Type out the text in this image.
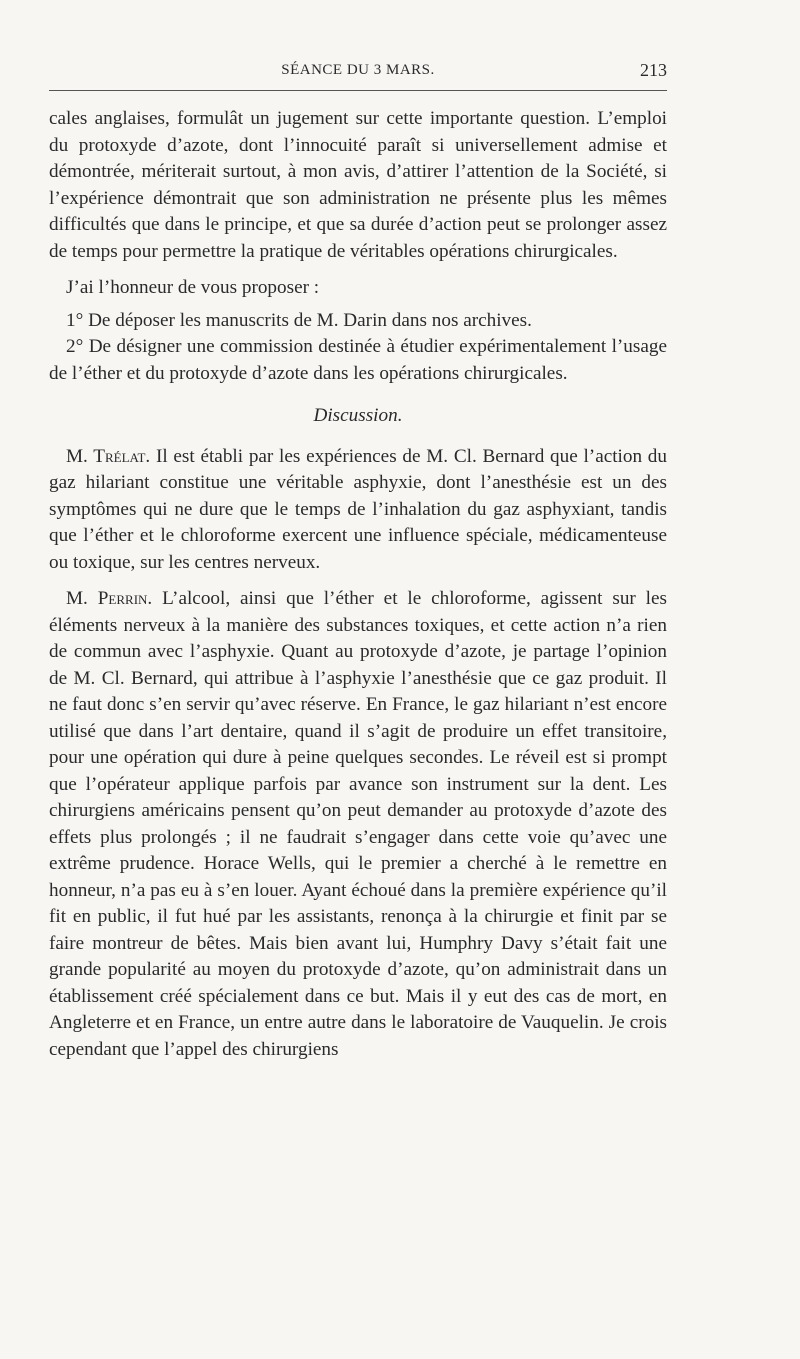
SÉANCE DU 3 MARS.	213

cales anglaises, formulât un jugement sur cette importante question. L’emploi du protoxyde d’azote, dont l’innocuité paraît si universellement admise et démontrée, mériterait surtout, à mon avis, d’attirer l’attention de la Société, si l’expérience démontrait que son administration ne présente plus les mêmes difficultés que dans le principe, et que sa durée d’action peut se prolonger assez de temps pour permettre la pratique de véritables opérations chirurgicales.

J’ai l’honneur de vous proposer :

1° De déposer les manuscrits de M. Darin dans nos archives.

2° De désigner une commission destinée à étudier expérimentalement l’usage de l’éther et du protoxyde d’azote dans les opérations chirurgicales.

Discussion.

M. Trélat. Il est établi par les expériences de M. Cl. Bernard que l’action du gaz hilariant constitue une véritable asphyxie, dont l’anesthésie est un des symptômes qui ne dure que le temps de l’inhalation du gaz asphyxiant, tandis que l’éther et le chloroforme exercent une influence spéciale, médicamenteuse ou toxique, sur les centres nerveux.

M. Perrin. L’alcool, ainsi que l’éther et le chloroforme, agissent sur les éléments nerveux à la manière des substances toxiques, et cette action n’a rien de commun avec l’asphyxie. Quant au protoxyde d’azote, je partage l’opinion de M. Cl. Bernard, qui attribue à l’asphyxie l’anesthésie que ce gaz produit. Il ne faut donc s’en servir qu’avec réserve. En France, le gaz hilariant n’est encore utilisé que dans l’art dentaire, quand il s’agit de produire un effet transitoire, pour une opération qui dure à peine quelques secondes. Le réveil est si prompt que l’opérateur applique parfois par avance son instrument sur la dent. Les chirurgiens américains pensent qu’on peut demander au protoxyde d’azote des effets plus prolongés ; il ne faudrait s’engager dans cette voie qu’avec une extrême prudence. Horace Wells, qui le premier a cherché à le remettre en honneur, n’a pas eu à s’en louer. Ayant échoué dans la première expérience qu’il fit en public, il fut hué par les assistants, renonça à la chirurgie et finit par se faire montreur de bêtes. Mais bien avant lui, Humphry Davy s’était fait une grande popularité au moyen du protoxyde d’azote, qu’on administrait dans un établissement créé spécialement dans ce but. Mais il y eut des cas de mort, en Angleterre et en France, un entre autre dans le laboratoire de Vauquelin. Je crois cependant que l’appel des chirurgiens
